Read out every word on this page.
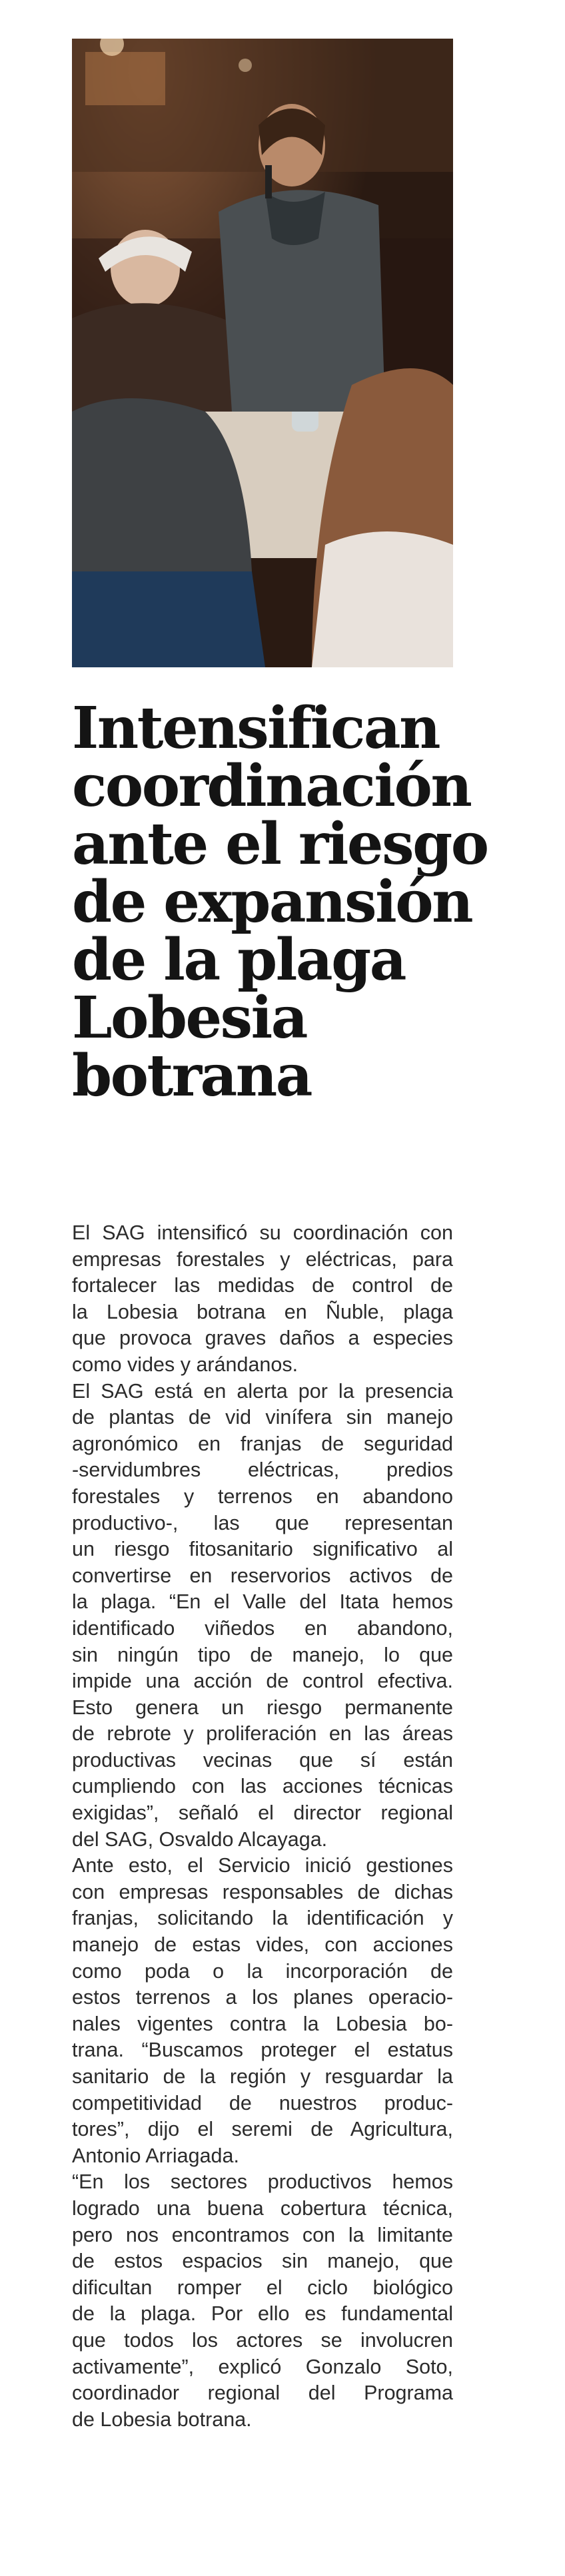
Intensifican
coordinación
ante el riesgo
de expansión
de la plaga
Lobesia
botrana

El SAG intensificó su coordinación con
empresas forestales y eléctricas, para
fortalecer las medidas de control de
la Lobesia botrana en Ñuble, plaga
que provoca graves daños a especies
como vides y arándanos.

El SAG está en alerta por la presencia
de plantas de vid vinífera sin manejo
agronómico en franjas de seguridad
-servidumbres eléctricas, predios
forestales y terrenos en abandono
productivo-, las que representan
un riesgo fitosanitario significativo al
convertirse en reservorios activos de
la plaga. “En el Valle del Itata hemos
identificado viñedos en abandono,
sin ningún tipo de manejo, lo que
impide una acción de control efectiva.
Esto genera un riesgo permanente
de rebrote y proliferación en las áreas
productivas vecinas que sí están
cumpliendo con las acciones técnicas
exigidas”, señaló el director regional
del SAG, Osvaldo Alcayaga.

Ante esto, el Servicio inició gestiones
con empresas responsables de dichas
franjas, solicitando la identificación y
manejo de estas vides, con acciones
como poda o la incorporación de
estos terrenos a los planes operacio-
nales vigentes contra la Lobesia bo-
trana. “Buscamos proteger el estatus
sanitario de la región y resguardar la
competitividad de nuestros produc-
tores”, dijo el seremi de Agricultura,
Antonio Arriagada.

“En los sectores productivos hemos
logrado una buena cobertura técnica,
pero nos encontramos con la limitante
de estos espacios sin manejo, que
dificultan romper el ciclo biológico
de la plaga. Por ello es fundamental
que todos los actores se involucren
activamente”, explicó Gonzalo Soto,
coordinador regional del Programa
de Lobesia botrana.
